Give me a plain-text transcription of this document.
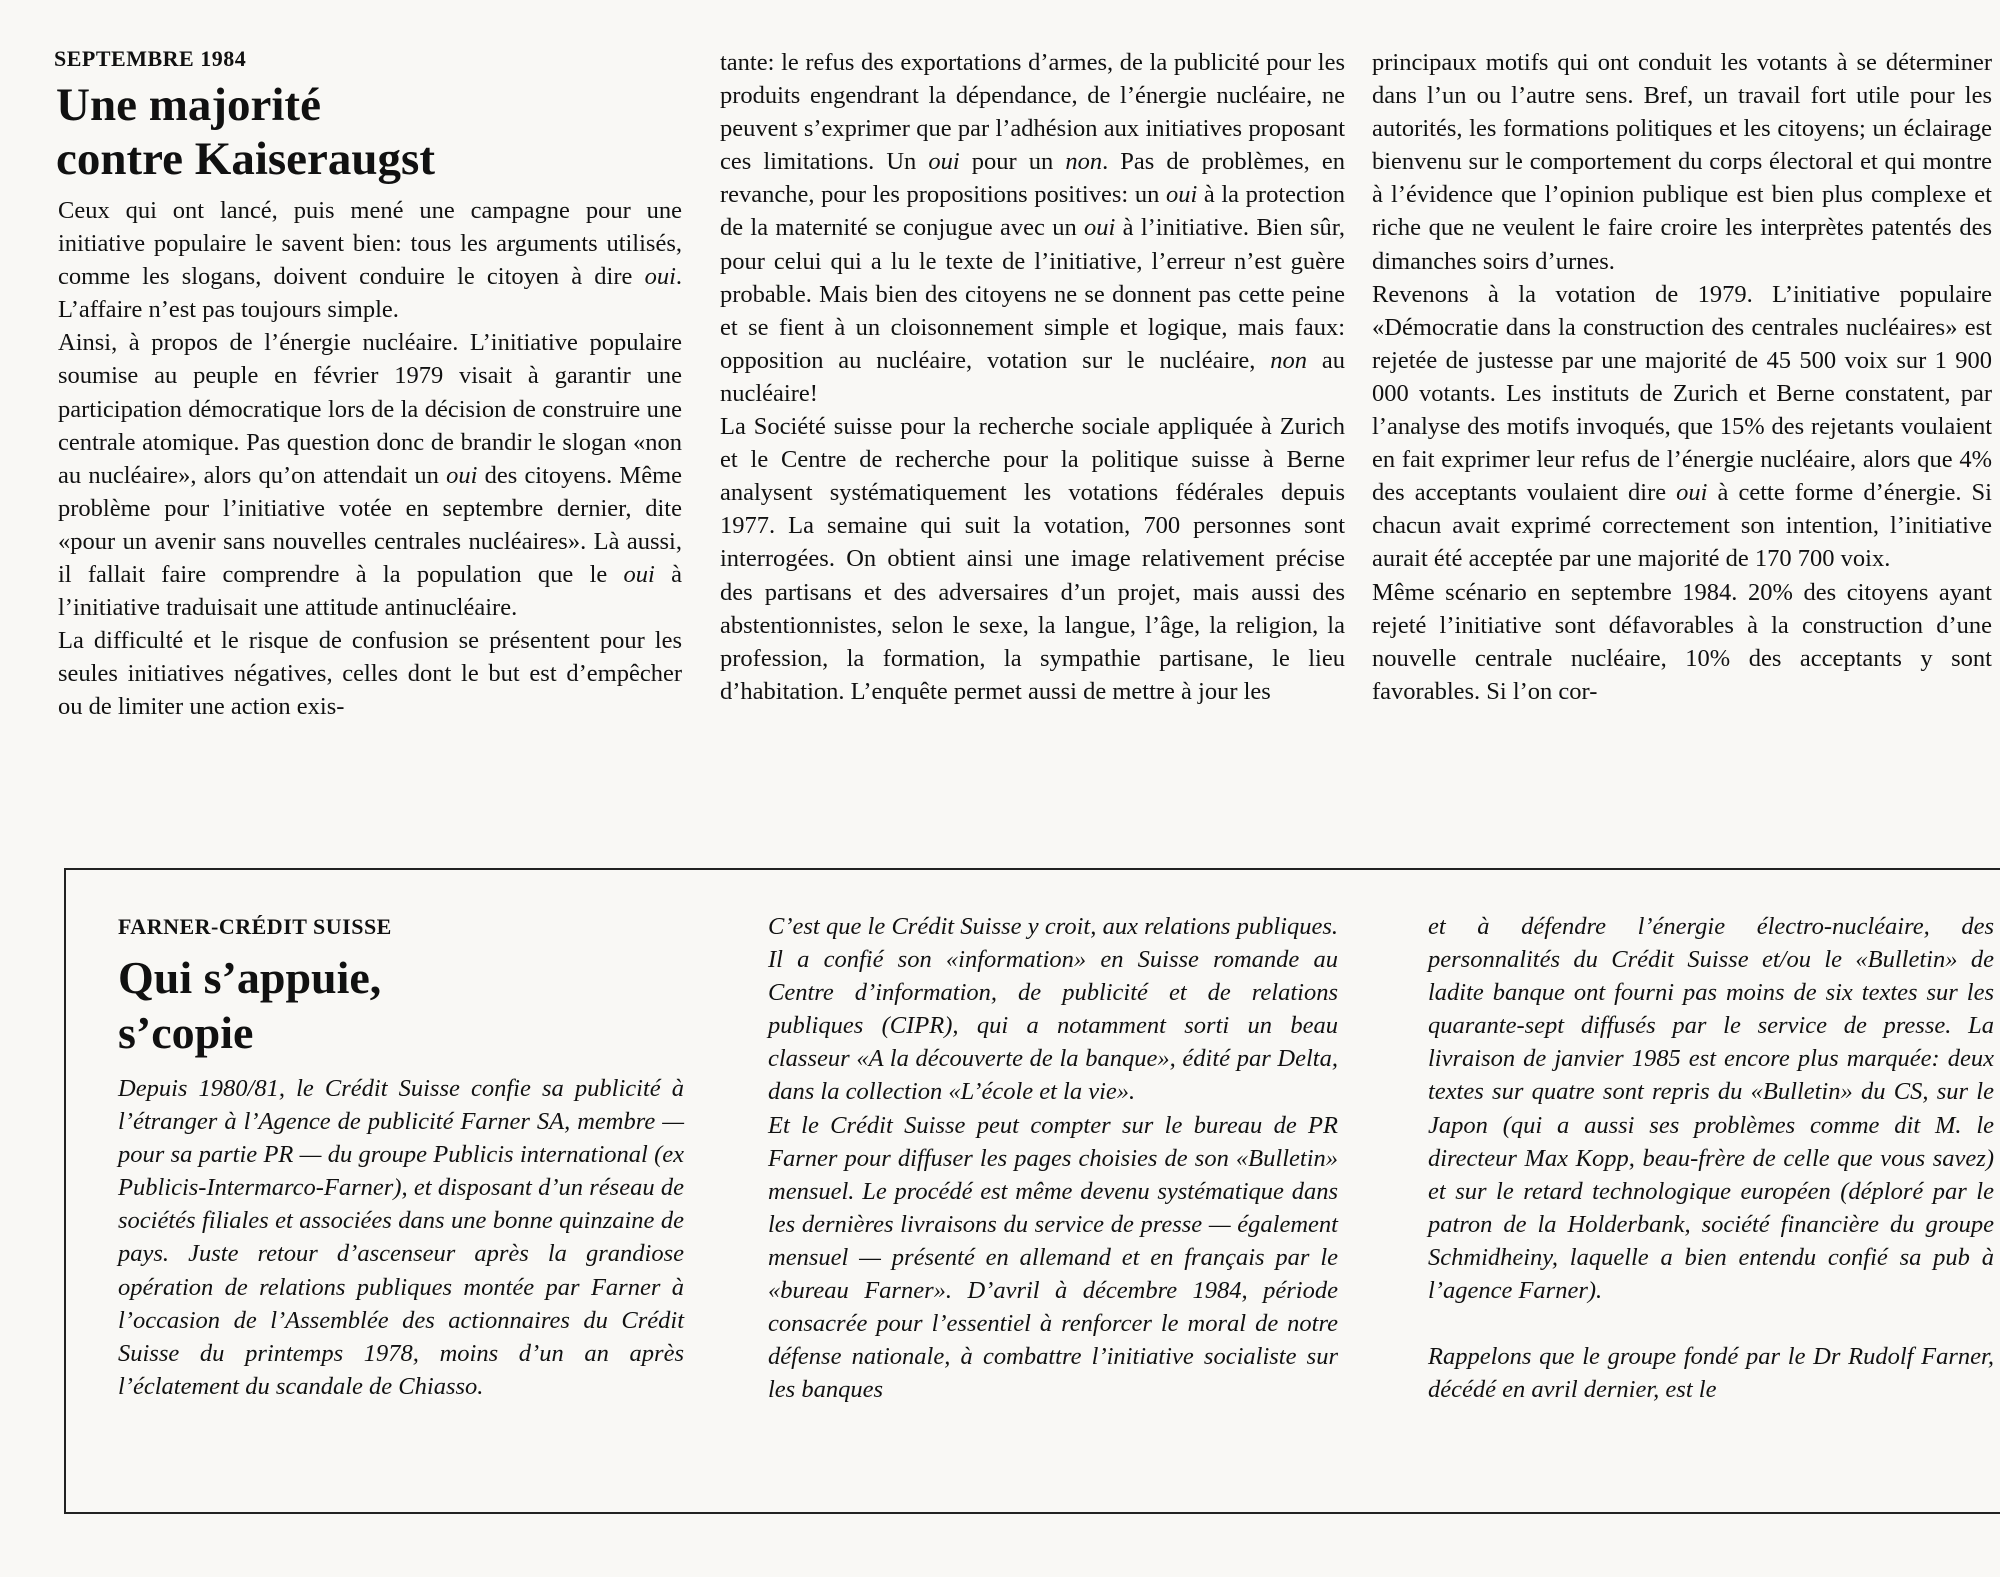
SEPTEMBRE 1984
Une majorité
contre Kaiseraugst

Ceux qui ont lancé, puis mené une campagne pour une initiative populaire le savent bien: tous les arguments utilisés, comme les slogans, doivent conduire le citoyen à dire oui. L’affaire n’est pas toujours simple.

Ainsi, à propos de l’énergie nucléaire. L’initiative populaire soumise au peuple en février 1979 visait à garantir une participation démocratique lors de la décision de construire une centrale atomique. Pas question donc de brandir le slogan «non au nucléaire», alors qu’on attendait un oui des citoyens. Même problème pour l’initiative votée en septembre dernier, dite «pour un avenir sans nouvelles centrales nucléaires». Là aussi, il fallait faire comprendre à la population que le oui à l’initiative traduisait une attitude antinucléaire.

La difficulté et le risque de confusion se présentent pour les seules initiatives négatives, celles dont le but est d’empêcher ou de limiter une action exis-

tante: le refus des exportations d’armes, de la publicité pour les produits engendrant la dépendance, de l’énergie nucléaire, ne peuvent s’exprimer que par l’adhésion aux initiatives proposant ces limitations. Un oui pour un non. Pas de problèmes, en revanche, pour les propositions positives: un oui à la protection de la maternité se conjugue avec un oui à l’initiative. Bien sûr, pour celui qui a lu le texte de l’initiative, l’erreur n’est guère probable. Mais bien des citoyens ne se donnent pas cette peine et se fient à un cloisonnement simple et logique, mais faux: opposition au nucléaire, votation sur le nucléaire, non au nucléaire!

La Société suisse pour la recherche sociale appliquée à Zurich et le Centre de recherche pour la politique suisse à Berne analysent systématiquement les votations fédérales depuis 1977. La semaine qui suit la votation, 700 personnes sont interrogées. On obtient ainsi une image relativement précise des partisans et des adversaires d’un projet, mais aussi des abstentionnistes, selon le sexe, la langue, l’âge, la religion, la profession, la formation, la sympathie partisane, le lieu d’habitation. L’enquête permet aussi de mettre à jour les

principaux motifs qui ont conduit les votants à se déterminer dans l’un ou l’autre sens. Bref, un travail fort utile pour les autorités, les formations politiques et les citoyens; un éclairage bienvenu sur le comportement du corps électoral et qui montre à l’évidence que l’opinion publique est bien plus complexe et riche que ne veulent le faire croire les interprètes patentés des dimanches soirs d’urnes.

Revenons à la votation de 1979. L’initiative populaire «Démocratie dans la construction des centrales nucléaires» est rejetée de justesse par une majorité de 45 500 voix sur 1 900 000 votants. Les instituts de Zurich et Berne constatent, par l’analyse des motifs invoqués, que 15% des rejetants voulaient en fait exprimer leur refus de l’énergie nucléaire, alors que 4% des acceptants voulaient dire oui à cette forme d’énergie. Si chacun avait exprimé correctement son intention, l’initiative aurait été acceptée par une majorité de 170 700 voix.

Même scénario en septembre 1984. 20% des citoyens ayant rejeté l’initiative sont défavorables à la construction d’une nouvelle centrale nucléaire, 10% des acceptants y sont favorables. Si l’on cor-

FARNER-CRÉDIT SUISSE
Qui s’appuie,
s’copie

Depuis 1980/81, le Crédit Suisse confie sa publicité à l’étranger à l’Agence de publicité Farner SA, membre — pour sa partie PR — du groupe Publicis international (ex Publicis-Intermarco-Farner), et disposant d’un réseau de sociétés filiales et associées dans une bonne quinzaine de pays. Juste retour d’ascenseur après la grandiose opération de relations publiques montée par Farner à l’occasion de l’Assemblée des actionnaires du Crédit Suisse du printemps 1978, moins d’un an après l’éclatement du scandale de Chiasso.

C’est que le Crédit Suisse y croit, aux relations publiques. Il a confié son «information» en Suisse romande au Centre d’information, de publicité et de relations publiques (CIPR), qui a notamment sorti un beau classeur «A la découverte de la banque», édité par Delta, dans la collection «L’école et la vie».

Et le Crédit Suisse peut compter sur le bureau de PR Farner pour diffuser les pages choisies de son «Bulletin» mensuel. Le procédé est même devenu systématique dans les dernières livraisons du service de presse — également mensuel — présenté en allemand et en français par le «bureau Farner». D’avril à décembre 1984, période consacrée pour l’essentiel à renforcer le moral de notre défense nationale, à combattre l’initiative socialiste sur les banques

et à défendre l’énergie électro-nucléaire, des personnalités du Crédit Suisse et/ou le «Bulletin» de ladite banque ont fourni pas moins de six textes sur les quarante-sept diffusés par le service de presse. La livraison de janvier 1985 est encore plus marquée: deux textes sur quatre sont repris du «Bulletin» du CS, sur le Japon (qui a aussi ses problèmes comme dit M. le directeur Max Kopp, beau-frère de celle que vous savez) et sur le retard technologique européen (déploré par le patron de la Holderbank, société financière du groupe Schmidheiny, laquelle a bien entendu confié sa pub à l’agence Farner).

Rappelons que le groupe fondé par le Dr Rudolf Farner, décédé en avril dernier, est le
